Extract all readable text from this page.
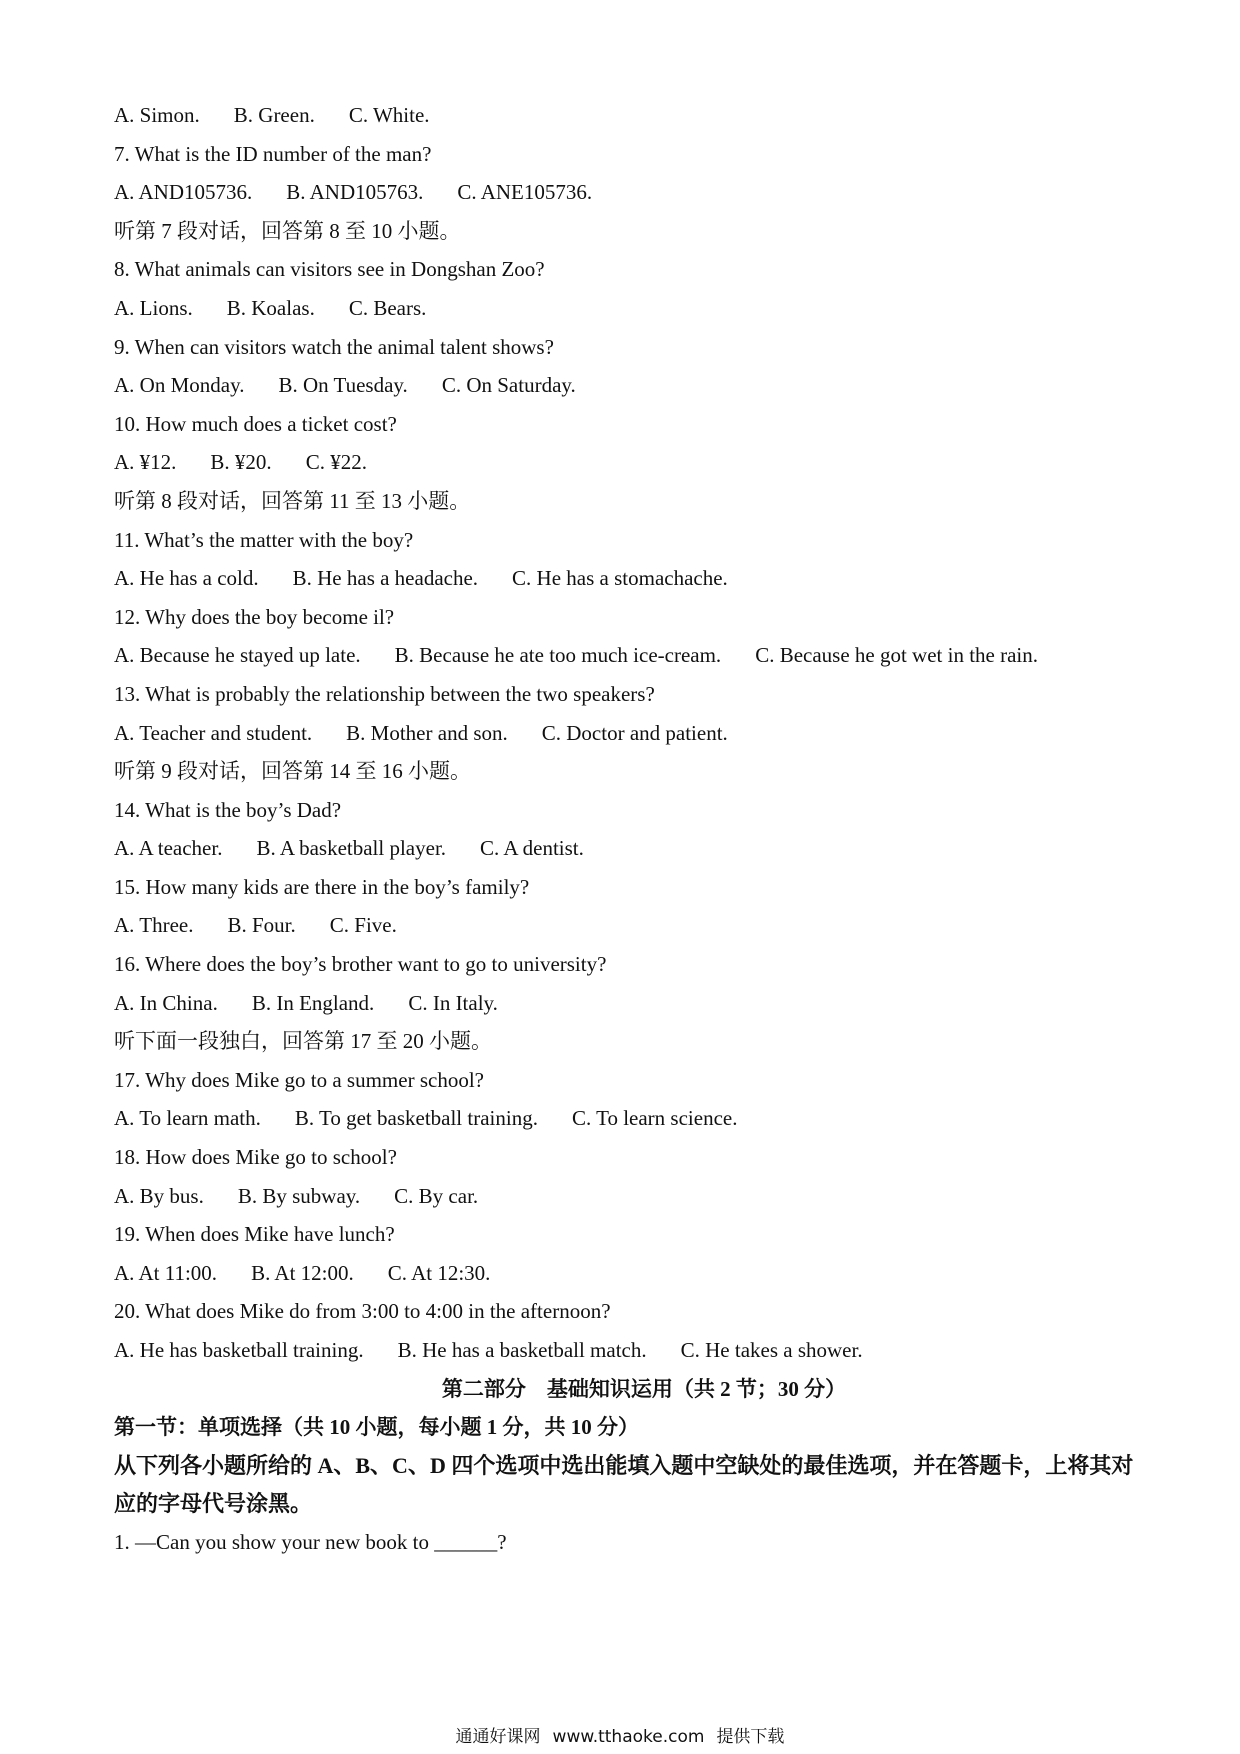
A. Simon. B. Green. C. White.
7. What is the ID number of the man?
A. AND105736. B. AND105763. C. ANE105736.
听第 7 段对话，回答第 8 至 10 小题。
8. What animals can visitors see in Dongshan Zoo?
A. Lions. B. Koalas. C. Bears.
9. When can visitors watch the animal talent shows?
A. On Monday. B. On Tuesday. C. On Saturday.
10. How much does a ticket cost?
A. ¥12. B. ¥20. C. ¥22.
听第 8 段对话，回答第 11 至 13 小题。
11. What’s the matter with the boy?
A. He has a cold. B. He has a headache. C. He has a stomachache.
12. Why does the boy become il?
A. Because he stayed up late. B. Because he ate too much ice-cream. C. Because he got wet in the rain.
13. What is probably the relationship between the two speakers?
A. Teacher and student. B. Mother and son. C. Doctor and patient.
听第 9 段对话，回答第 14 至 16 小题。
14. What is the boy’s Dad?
A. A teacher. B. A basketball player. C. A dentist.
15. How many kids are there in the boy’s family?
A. Three. B. Four. C. Five.
16. Where does the boy’s brother want to go to university?
A. In China. B. In England. C. In Italy.
听下面一段独白，回答第 17 至 20 小题。
17. Why does Mike go to a summer school?
A. To learn math. B. To get basketball training. C. To learn science.
18. How does Mike go to school?
A. By bus. B. By subway. C. By car.
19. When does Mike have lunch?
A. At 11:00. B. At 12:00. C. At 12:30.
20. What does Mike do from 3:00 to 4:00 in the afternoon?
A. He has basketball training. B. He has a basketball match. C. He takes a shower.
第二部分　基础知识运用（共 2 节；30 分）
第一节：单项选择（共 10 小题，每小题 1 分，共 10 分）
从下列各小题所给的 A、B、C、D 四个选项中选出能填入题中空缺处的最佳选项，并在答题卡，上将其对应的字母代号涂黑。
1. —Can you show your new book to ______?
通通好课网 www.tthaoke.com 提供下载
